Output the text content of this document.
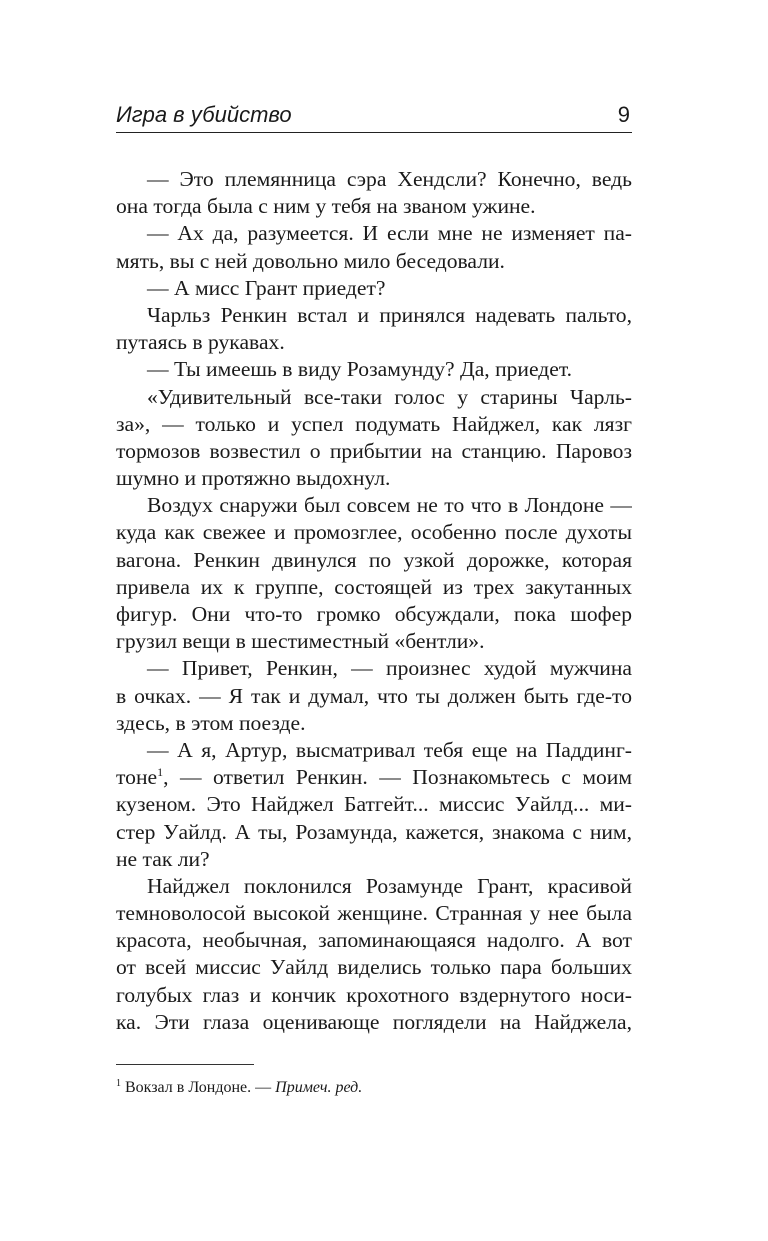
Игра в убийство	9
— Это племянница сэра Хендсли? Конечно, ведь
она тогда была с ним у тебя на званом ужине.
— Ах да, разумеется. И если мне не изменяет па-
мять, вы с ней довольно мило беседовали.
— А мисс Грант приедет?
Чарльз Ренкин встал и принялся надевать пальто,
путаясь в рукавах.
— Ты имеешь в виду Розамунду? Да, приедет.
«Удивительный все-таки голос у старины Чарль-
за», — только и успел подумать Найджел, как лязг
тормозов возвестил о прибытии на станцию. Паровоз
шумно и протяжно выдохнул.
Воздух снаружи был совсем не то что в Лондоне —
куда как свежее и промозглее, особенно после духоты
вагона. Ренкин двинулся по узкой дорожке, которая
привела их к группе, состоящей из трех закутанных
фигур. Они что-то громко обсуждали, пока шофер
грузил вещи в шестиместный «бентли».
— Привет, Ренкин, — произнес худой мужчина
в очках. — Я так и думал, что ты должен быть где-то
здесь, в этом поезде.
— А я, Артур, высматривал тебя еще на Паддинг-
тоне$^1$, — ответил Ренкин. — Познакомьтесь с моим
кузеном. Это Найджел Батгейт... миссис Уайлд... ми-
стер Уайлд. А ты, Розамунда, кажется, знакома с ним,
не так ли?
Найджел поклонился Розамунде Грант, красивой
темноволосой высокой женщине. Странная у нее была
красота, необычная, запоминающаяся надолго. А вот
от всей миссис Уайлд виделись только пара больших
голубых глаз и кончик крохотного вздернутого носи-
ка. Эти глаза оценивающе поглядели на Найджела,
$^1$ Вокзал в Лондоне. — Примеч. ред.
